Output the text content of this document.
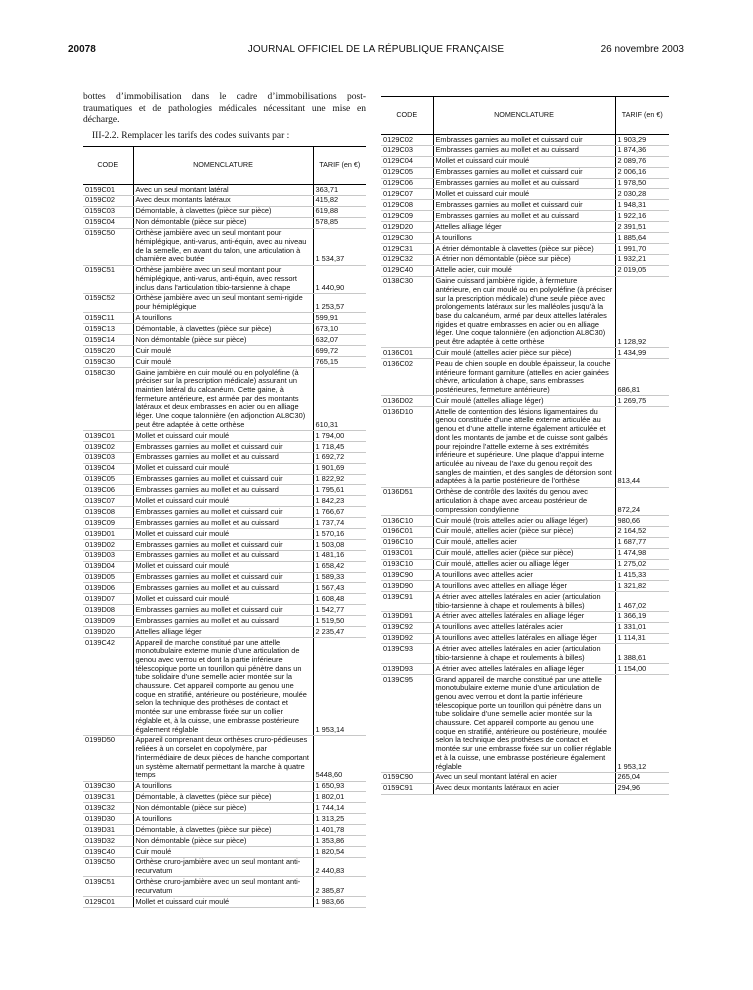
20078	JOURNAL OFFICIEL DE LA RÉPUBLIQUE FRANÇAISE	26 novembre 2003

bottes d’immobilisation dans le cadre d’immobilisations post-traumatiques et de pathologies médicales nécessitant une mise en décharge.

III-2.2. Remplacer les tarifs des codes suivants par :

CODE	NOMENCLATURE	TARIF (en €)
0159C01	Avec un seul montant latéral	363,71
0159C02	Avec deux montants latéraux	415,82
0159C03	Démontable, à clavettes (pièce sur pièce)	619,88
0159C04	Non démontable (pièce sur pièce)	578,85
0159C50	Orthèse jambière avec un seul montant pour hémiplégique, anti-varus, anti-équin, avec au niveau de la semelle, en avant du talon, une articulation à charnière avec butée	1 534,37
0159C51	Orthèse jambière avec un seul montant pour hémiplégique, anti-varus, anti-équin, avec ressort inclus dans l’articulation tibio-tarsienne à chape	1 440,90
0159C52	Orthèse jambière avec un seul montant semi-rigide pour hémiplégique	1 253,57
0159C11	A tourillons	599,91
0159C13	Démontable, à clavettes (pièce sur pièce)	673,10
0159C14	Non démontable (pièce sur pièce)	632,07
0159C20	Cuir moulé	699,72
0159C30	Cuir moulé	765,15
0158C30	Gaine jambière en cuir moulé ou en polyoléfine (à préciser sur la prescription médicale) assurant un maintien latéral du calcanéum. Cette gaine, à fermeture antérieure, est armée par des montants latéraux et deux embrasses en acier ou en alliage léger. Une coque talonnière (en adjonction AL8C30) peut être adaptée à cette orthèse	610,31
0139C01	Mollet et cuissard cuir moulé	1 794,00
0139C02	Embrasses garnies au mollet et cuissard cuir	1 718,45
0139C03	Embrasses garnies au mollet et au cuissard	1 692,72
0139C04	Mollet et cuissard cuir moulé	1 901,69
0139C05	Embrasses garnies au mollet et cuissard cuir	1 822,92
0139C06	Embrasses garnies au mollet et au cuissard	1 795,61
0139C07	Mollet et cuissard cuir moulé	1 842,23
0139C08	Embrasses garnies au mollet et cuissard cuir	1 766,67
0139C09	Embrasses garnies au mollet et au cuissard	1 737,74
0139D01	Mollet et cuissard cuir moulé	1 570,16
0139D02	Embrasses garnies au mollet et cuissard cuir	1 503,08
0139D03	Embrasses garnies au mollet et au cuissard	1 481,16
0139D04	Mollet et cuissard cuir moulé	1 658,42
0139D05	Embrasses garnies au mollet et cuissard cuir	1 589,33
0139D06	Embrasses garnies au mollet et au cuissard	1 567,43
0139D07	Mollet et cuissard cuir moulé	1 608,48
0139D08	Embrasses garnies au mollet et cuissard cuir	1 542,77
0139D09	Embrasses garnies au mollet et au cuissard	1 519,50
0139D20	Attelles alliage léger	2 235,47
0139C42	Appareil de marche constitué par une attelle monotubulaire externe munie d’une articulation de genou avec verrou et dont la partie inférieure télescopique porte un tourillon qui pénètre dans un tube solidaire d’une semelle acier montée sur la chaussure. Cet appareil comporte au genou une coque en stratifié, antérieure ou postérieure, moulée selon la technique des prothèses de contact et montée sur une embrasse fixée sur un collier réglable et, à la cuisse, une embrasse postérieure également réglable	1 953,14
0199D50	Appareil comprenant deux orthèses cruro-pédieuses reliées à un corselet en copolymère, par l’intermédiaire de deux pièces de hanche comportant un système alternatif permettant la marche à quatre temps	5448,60
0139C30	A tourillons	1 650,93
0139C31	Démontable, à clavettes (pièce sur pièce)	1 802,01
0139C32	Non démontable (pièce sur pièce)	1 744,14
0139D30	A tourillons	1 313,25
0139D31	Démontable, à clavettes (pièce sur pièce)	1 401,78
0139D32	Non démontable (pièce sur pièce)	1 353,86
0139C40	Cuir moulé	1 820,54
0139C50	Orthèse cruro-jambière avec un seul montant anti-recurvatum	2 440,83
0139C51	Orthèse cruro-jambière avec un seul montant anti-recurvatum	2 385,87
0129C01	Mollet et cuissard cuir moulé	1 983,66
CODE	NOMENCLATURE	TARIF (en €)
0129C02	Embrasses garnies au mollet et cuissard cuir	1 903,29
0129C03	Embrasses garnies au mollet et au cuissard	1 874,36
0129C04	Mollet et cuissard cuir moulé	2 089,76
0129C05	Embrasses garnies au mollet et cuissard cuir	2 006,16
0129C06	Embrasses garnies au mollet et au cuissard	1 978,50
0129C07	Mollet et cuissard cuir moulé	2 030,28
0129C08	Embrasses garnies au mollet et cuissard cuir	1 948,31
0129C09	Embrasses garnies au mollet et au cuissard	1 922,16
0129D20	Attelles alliage léger	2 391,51
0129C30	A tourillons	1 885,64
0129C31	A étrier démontable à clavettes (pièce sur pièce)	1 991,70
0129C32	A étrier non démontable (pièce sur pièce)	1 932,21
0129C40	Attelle acier, cuir moulé	2 019,05
0138C30	Gaine cuissard jambière rigide, à fermeture antérieure, en cuir moulé ou en polyoléfine (à préciser sur la prescription médicale) d’une seule pièce avec prolongements latéraux sur les malléoles jusqu’à la base du calcanéum, armé par deux attelles latérales rigides et quatre embrasses en acier ou en alliage léger. Une coque talonnière (en adjonction AL8C30) peut être adaptée à cette orthèse	1 128,92
0136C01	Cuir moulé (attelles acier pièce sur pièce)	1 434,99
0136C02	Peau de chien souple en double épaisseur, la couche intérieure formant garniture (attelles en acier gainées chèvre, articulation à chape, sans embrasses postérieures, fermeture antérieure)	686,81
0136D02	Cuir moulé (attelles alliage léger)	1 269,75
0136D10	Attelle de contention des lésions ligamentaires du genou constituée d’une attelle externe articulée au genou et d’une attelle interne également articulée et dont les montants de jambe et de cuisse sont galbés pour rejoindre l’attelle externe à ses extrémités inférieure et supérieure. Une plaque d’appui interne articulée au niveau de l’axe du genou reçoit des sangles de maintien, et des sangles de détorsion sont adaptées à la partie postérieure de l’orthèse	813,44
0136D51	Orthèse de contrôle des laxités du genou avec articulation à chape avec arceau postérieur de compression condylienne	872,24
0136C10	Cuir moulé (trois attelles acier ou alliage léger)	980,66
0196C01	Cuir moulé, attelles acier (pièce sur pièce)	2 164,52
0196C10	Cuir moulé, attelles acier	1 687,77
0193C01	Cuir moulé, attelles acier (pièce sur pièce)	1 474,98
0193C10	Cuir moulé, attelles acier ou alliage léger	1 275,02
0139C90	A tourillons avec attelles acier	1 415,33
0139D90	A tourillons avec attelles en alliage léger	1 321,82
0139C91	A étrier avec attelles latérales en acier (articulation tibio-tarsienne à chape et roulements à billes)	1 467,02
0139D91	A étrier avec attelles latérales en alliage léger	1 366,19
0139C92	A tourillons avec attelles latérales acier	1 331,01
0139D92	A tourillons avec attelles latérales en alliage léger	1 114,31
0139C93	A étrier avec attelles latérales en acier (articulation tibio-tarsienne à chape et roulements à billes)	1 388,61
0139D93	A étrier avec attelles latérales en alliage léger	1 154,00
0139C95	Grand appareil de marche constitué par une attelle monotubulaire externe munie d’une articulation de genou avec verrou et dont la partie inférieure télescopique porte un tourillon qui pénètre dans un tube solidaire d’une semelle acier montée sur la chaussure. Cet appareil comporte au genou une coque en stratifié, antérieure ou postérieure, moulée selon la technique des prothèses de contact et montée sur une embrasse fixée sur un collier réglable et à la cuisse, une embrasse postérieure également réglable	1 953,12
0159C90	Avec un seul montant latéral en acier	265,04
0159C91	Avec deux montants latéraux en acier	294,96
